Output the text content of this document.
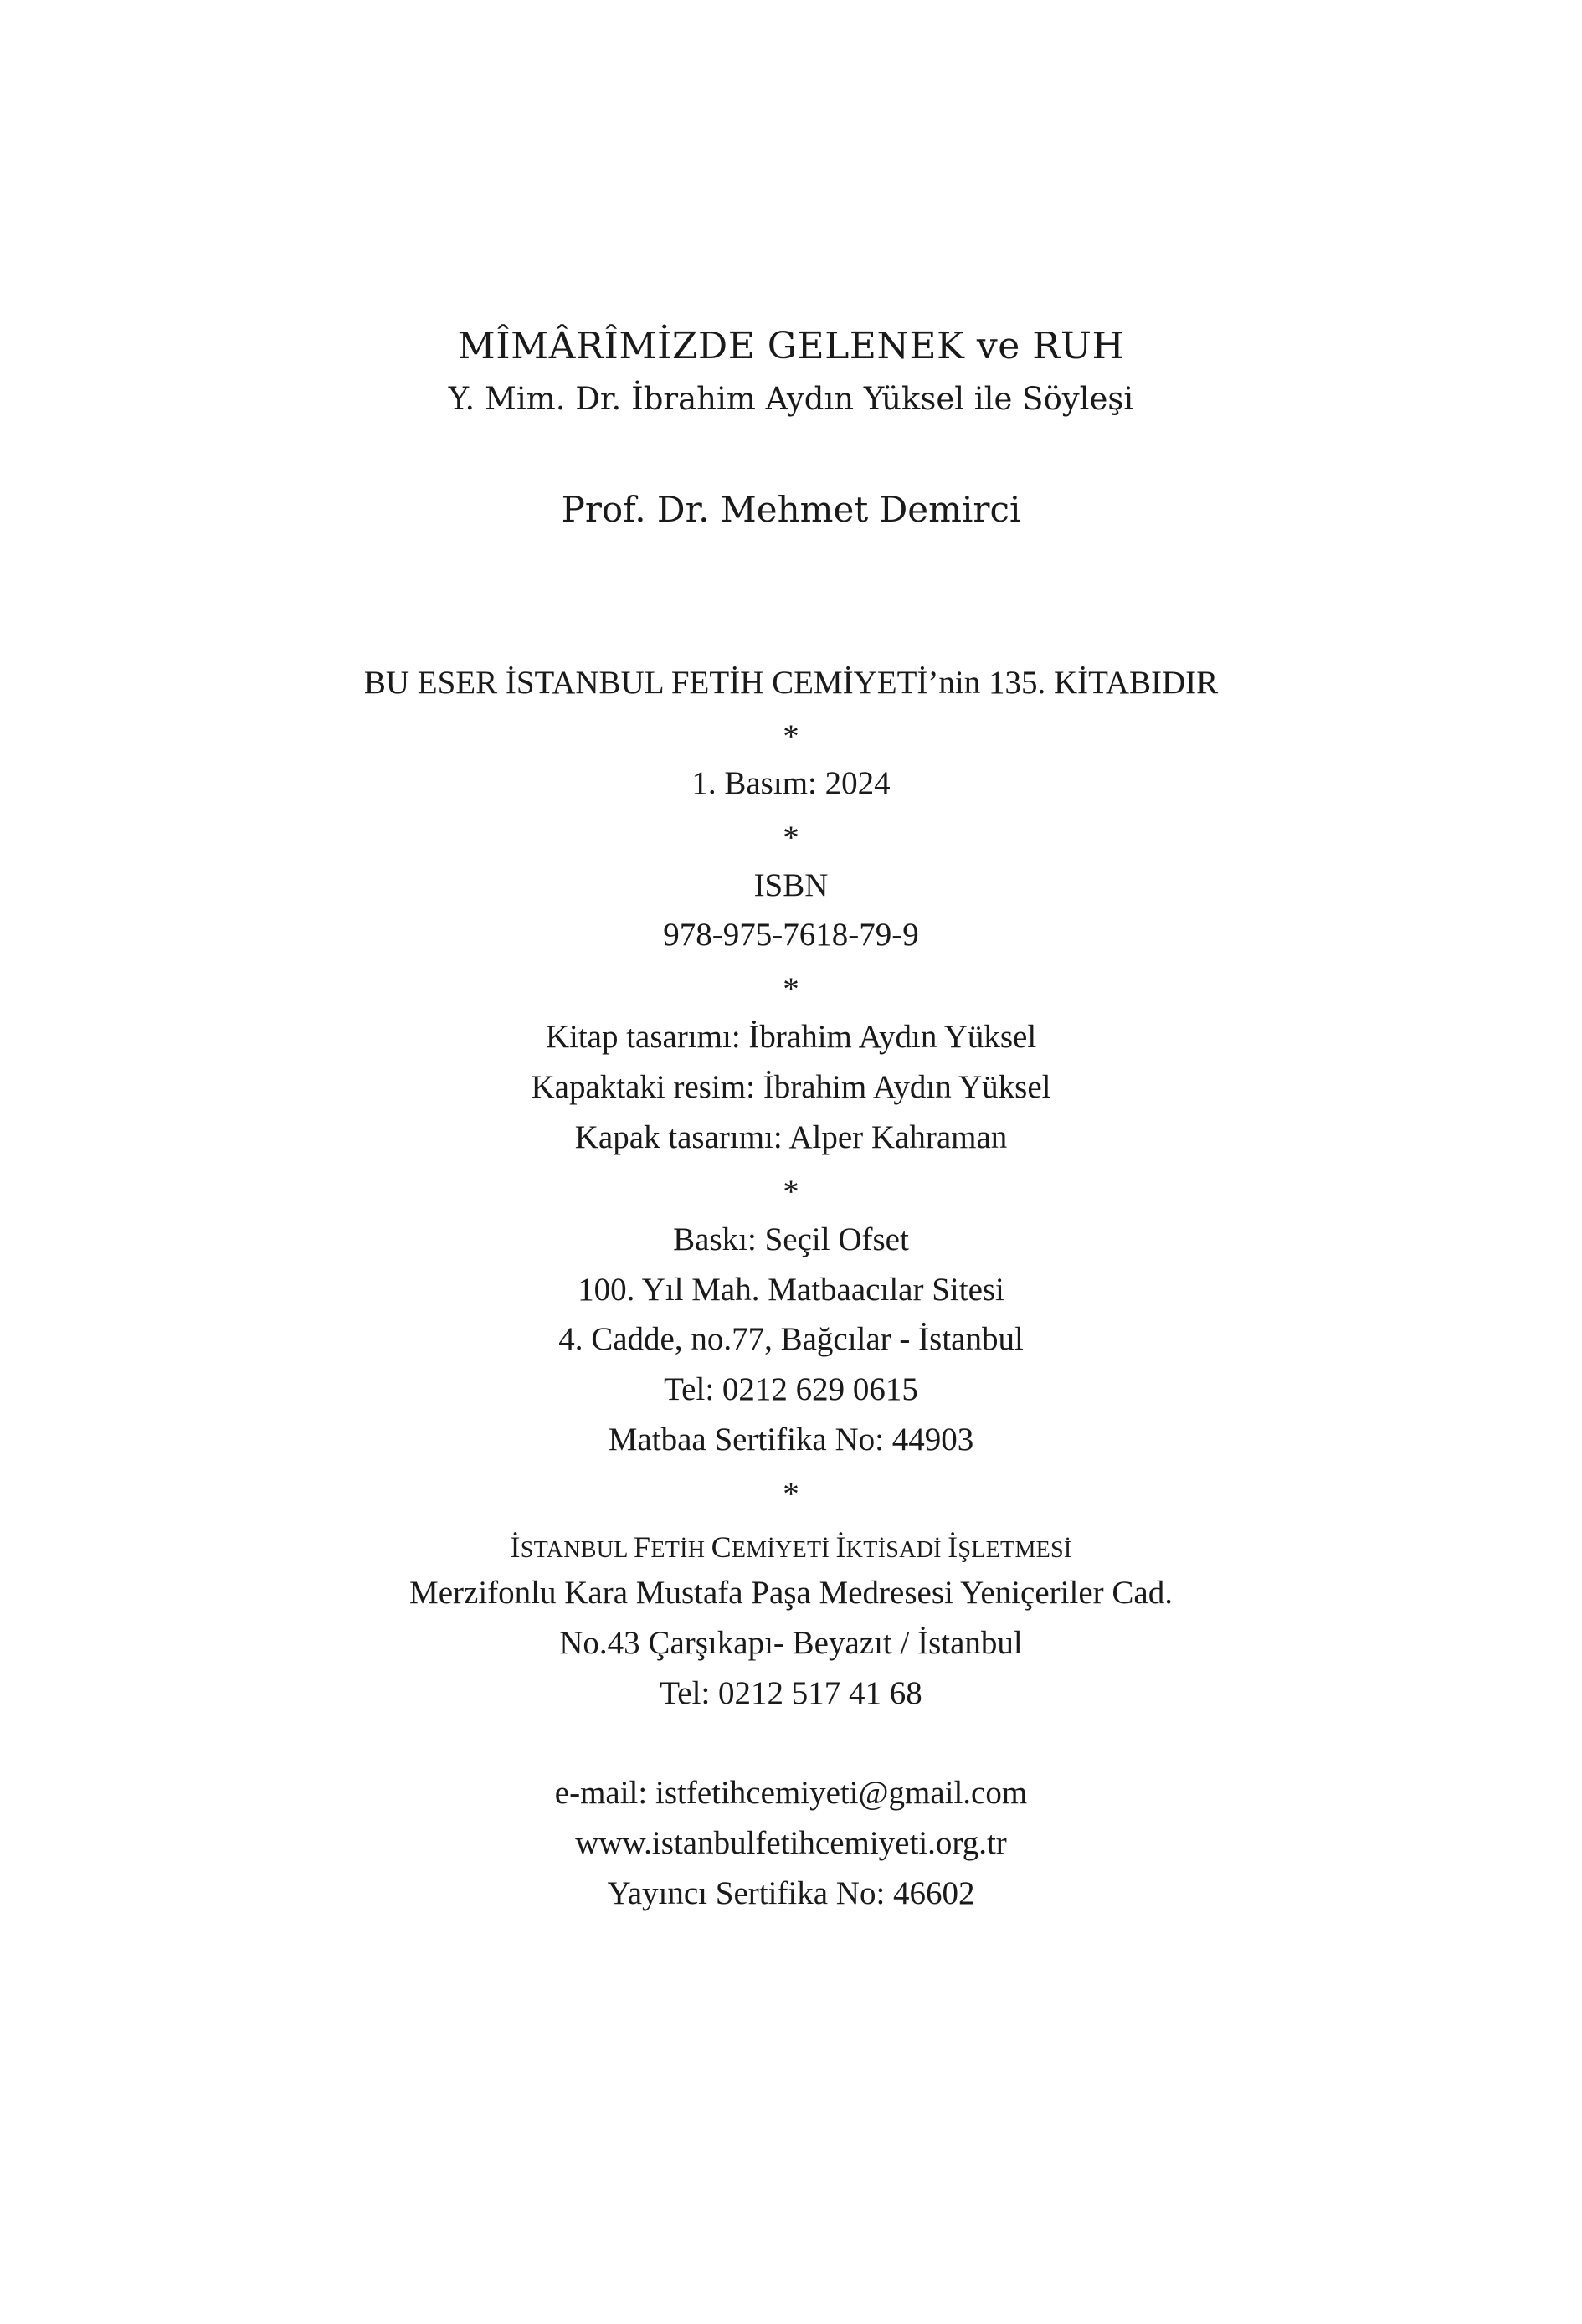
MÎMÂRÎMİZDE GELENEK ve RUH
Y. Mim. Dr. İbrahim Aydın Yüksel ile Söyleşi
Prof. Dr. Mehmet Demirci
BU ESER İSTANBUL FETİH CEMİYETİ’nin 135. KİTABIDIR
*
1. Basım: 2024
*
ISBN
978-975-7618-79-9
*
Kitap tasarımı: İbrahim Aydın Yüksel
Kapaktaki resim: İbrahim Aydın Yüksel
Kapak tasarımı: Alper Kahraman
*
Baskı: Seçil Ofset
100. Yıl Mah. Matbaacılar Sitesi
4. Cadde, no.77, Bağcılar - İstanbul
Tel: 0212 629 0615
Matbaa Sertifika No: 44903
*
İSTANBUL FETİH CEMİYETİ İKTİSADİ İŞLETMESİ
Merzifonlu Kara Mustafa Paşa Medresesi Yeniçeriler Cad.
No.43 Çarşıkapı- Beyazıt / İstanbul
Tel: 0212 517 41 68
e-mail: istfetihcemiyeti@gmail.com
www.istanbulfetihcemiyeti.org.tr
Yayıncı Sertifika No: 46602
